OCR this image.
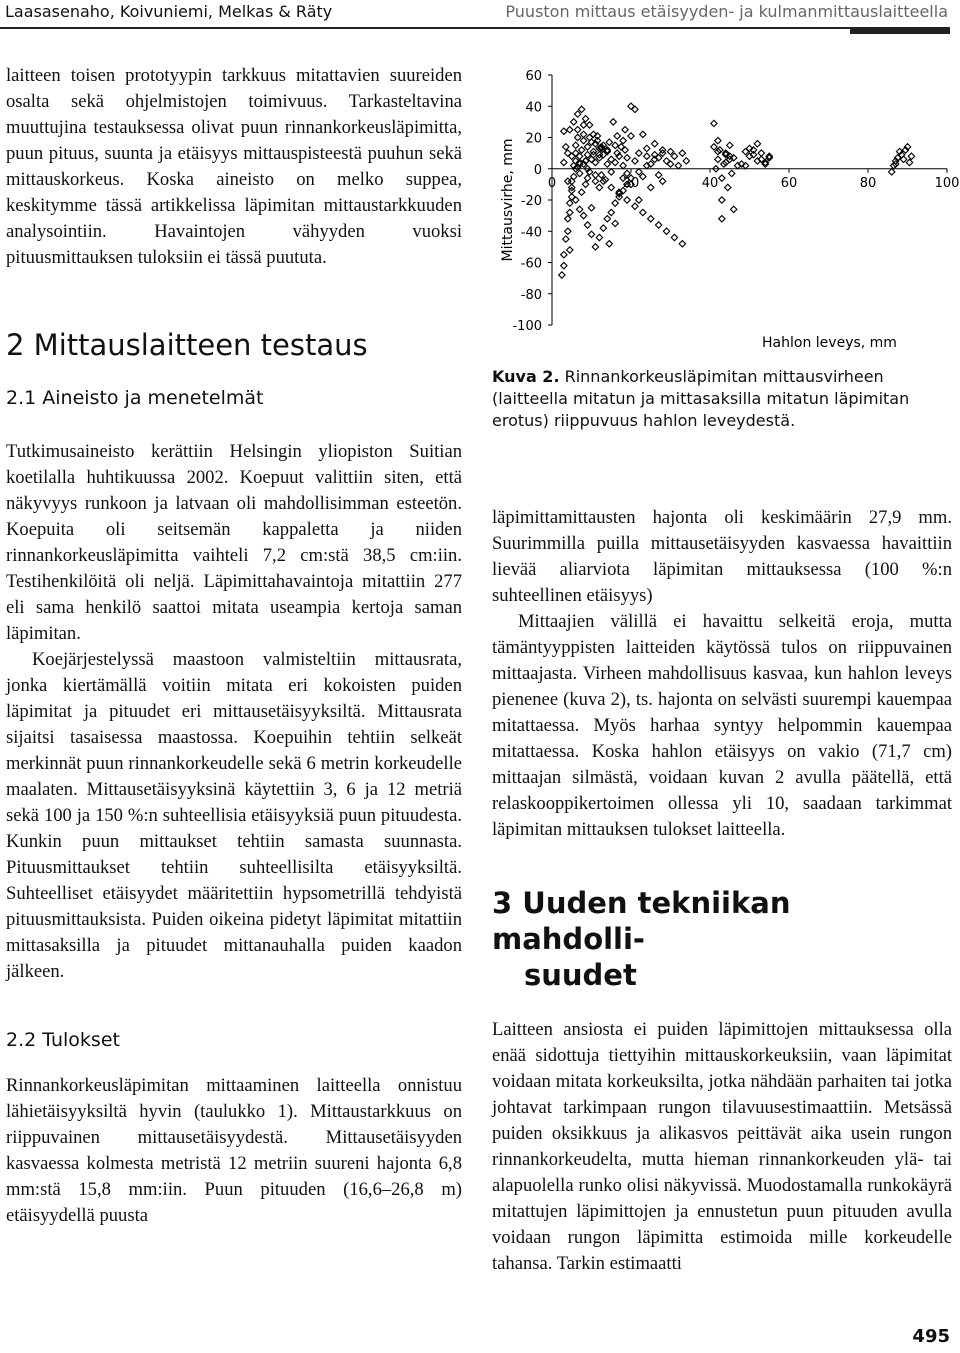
Laasasenaho, Koivuniemi, Melkas & Räty	Puuston mittaus etäisyyden- ja kulmanmittauslaitteella

laitteen toisen prototyypin tarkkuus mitattavien suureiden osalta sekä ohjelmistojen toimivuus. Tarkasteltavina muuttujina testauksessa olivat puun rinnankorkeusläpimitta, puun pituus, suunta ja etäisyys mittauspisteestä puuhun sekä mittauskorkeus. Koska aineisto on melko suppea, keskitymme tässä artikkelissa läpimitan mittaustarkkuuden analysointiin. Havaintojen vähyyden vuoksi pituusmittauksen tuloksiin ei tässä puututa.

2 Mittauslaitteen testaus
2.1 Aineisto ja menetelmät

Tutkimusaineisto kerättiin Helsingin yliopiston Suitian koetilalla huhtikuussa 2002. Koepuut valittiin siten, että näkyvyys runkoon ja latvaan oli mahdollisimman esteetön. Koepuita oli seitsemän kappaletta ja niiden rinnankorkeusläpimitta vaihteli 7,2 cm:stä 38,5 cm:iin. Testihenkilöitä oli neljä. Läpimittahavaintoja mitattiin 277 eli sama henkilö saattoi mitata useampia kertoja saman läpimitan.

Koejärjestelyssä maastoon valmisteltiin mittausrata, jonka kiertämällä voitiin mitata eri kokoisten puiden läpimitat ja pituudet eri mittausetäisyyksiltä. Mittausrata sijaitsi tasaisessa maastossa. Koepuihin tehtiin selkeät merkinnät puun rinnankorkeudelle sekä 6 metrin korkeudelle maalaten. Mittausetäisyyksinä käytettiin 3, 6 ja 12 metriä sekä 100 ja 150 %:n suhteellisia etäisyyksiä puun pituudesta. Kunkin puun mittaukset tehtiin samasta suunnasta. Pituusmittaukset tehtiin suhteellisilta etäisyyksiltä. Suhteelliset etäisyydet määritettiin hypsometrillä tehdyistä pituusmittauksista. Puiden oikeina pidetyt läpimitat mitattiin mittasaksilla ja pituudet mittanauhalla puiden kaadon jälkeen.

2.2 Tulokset

Rinnankorkeusläpimitan mittaaminen laitteella onnistuu lähietäisyyksiltä hyvin (taulukko 1). Mittaustarkkuus on riippuvainen mittausetäisyydestä. Mittausetäisyyden kasvaessa kolmesta metristä 12 metriin suureni hajonta 6,8 mm:stä 15,8 mm:iin. Puun pituuden (16,6–26,8 m) etäisyydellä puusta

60
40
20
0
-20
-40
-60
-80
-100
0	20	40	60	80	100
Mittausvirhe, mm
Hahlon leveys, mm
Kuva 2. Rinnankorkeusläpimitan mittausvirheen (laitteella mitatun ja mittasaksilla mitatun läpimitan erotus) riippuvuus hahlon leveydestä.

läpimittamittausten hajonta oli keskimäärin 27,9 mm. Suurimmilla puilla mittausetäisyyden kasvaessa havaittiin lievää aliarviota läpimitan mittauksessa (100 %:n suhteellinen etäisyys)

Mittaajien välillä ei havaittu selkeitä eroja, mutta tämäntyyppisten laitteiden käytössä tulos on riippuvainen mittaajasta. Virheen mahdollisuus kasvaa, kun hahlon leveys pienenee (kuva 2), ts. hajonta on selvästi suurempi kauempaa mitattaessa. Myös harhaa syntyy helpommin kauempaa mitattaessa. Koska hahlon etäisyys on vakio (71,7 cm) mittaajan silmästä, voidaan kuvan 2 avulla päätellä, että relaskooppikertoimen ollessa yli 10, saadaan tarkimmat läpimitan mittauksen tulokset laitteella.

3 Uuden tekniikan mahdolli-
suudet

Laitteen ansiosta ei puiden läpimittojen mittauksessa olla enää sidottuja tiettyihin mittauskorkeuksiin, vaan läpimitat voidaan mitata korkeuksilta, jotka nähdään parhaiten tai jotka johtavat tarkimpaan rungon tilavuusestimaattiin. Metsässä puiden oksikkuus ja alikasvos peittävät aika usein rungon rinnankorkeudelta, mutta hieman rinnankorkeuden ylä- tai alapuolella runko olisi näkyvissä. Muodostamalla runkokäyrä mitattujen läpimittojen ja ennustetun puun pituuden avulla voidaan rungon läpimitta estimoida mille korkeudelle tahansa. Tarkin estimaatti

495
